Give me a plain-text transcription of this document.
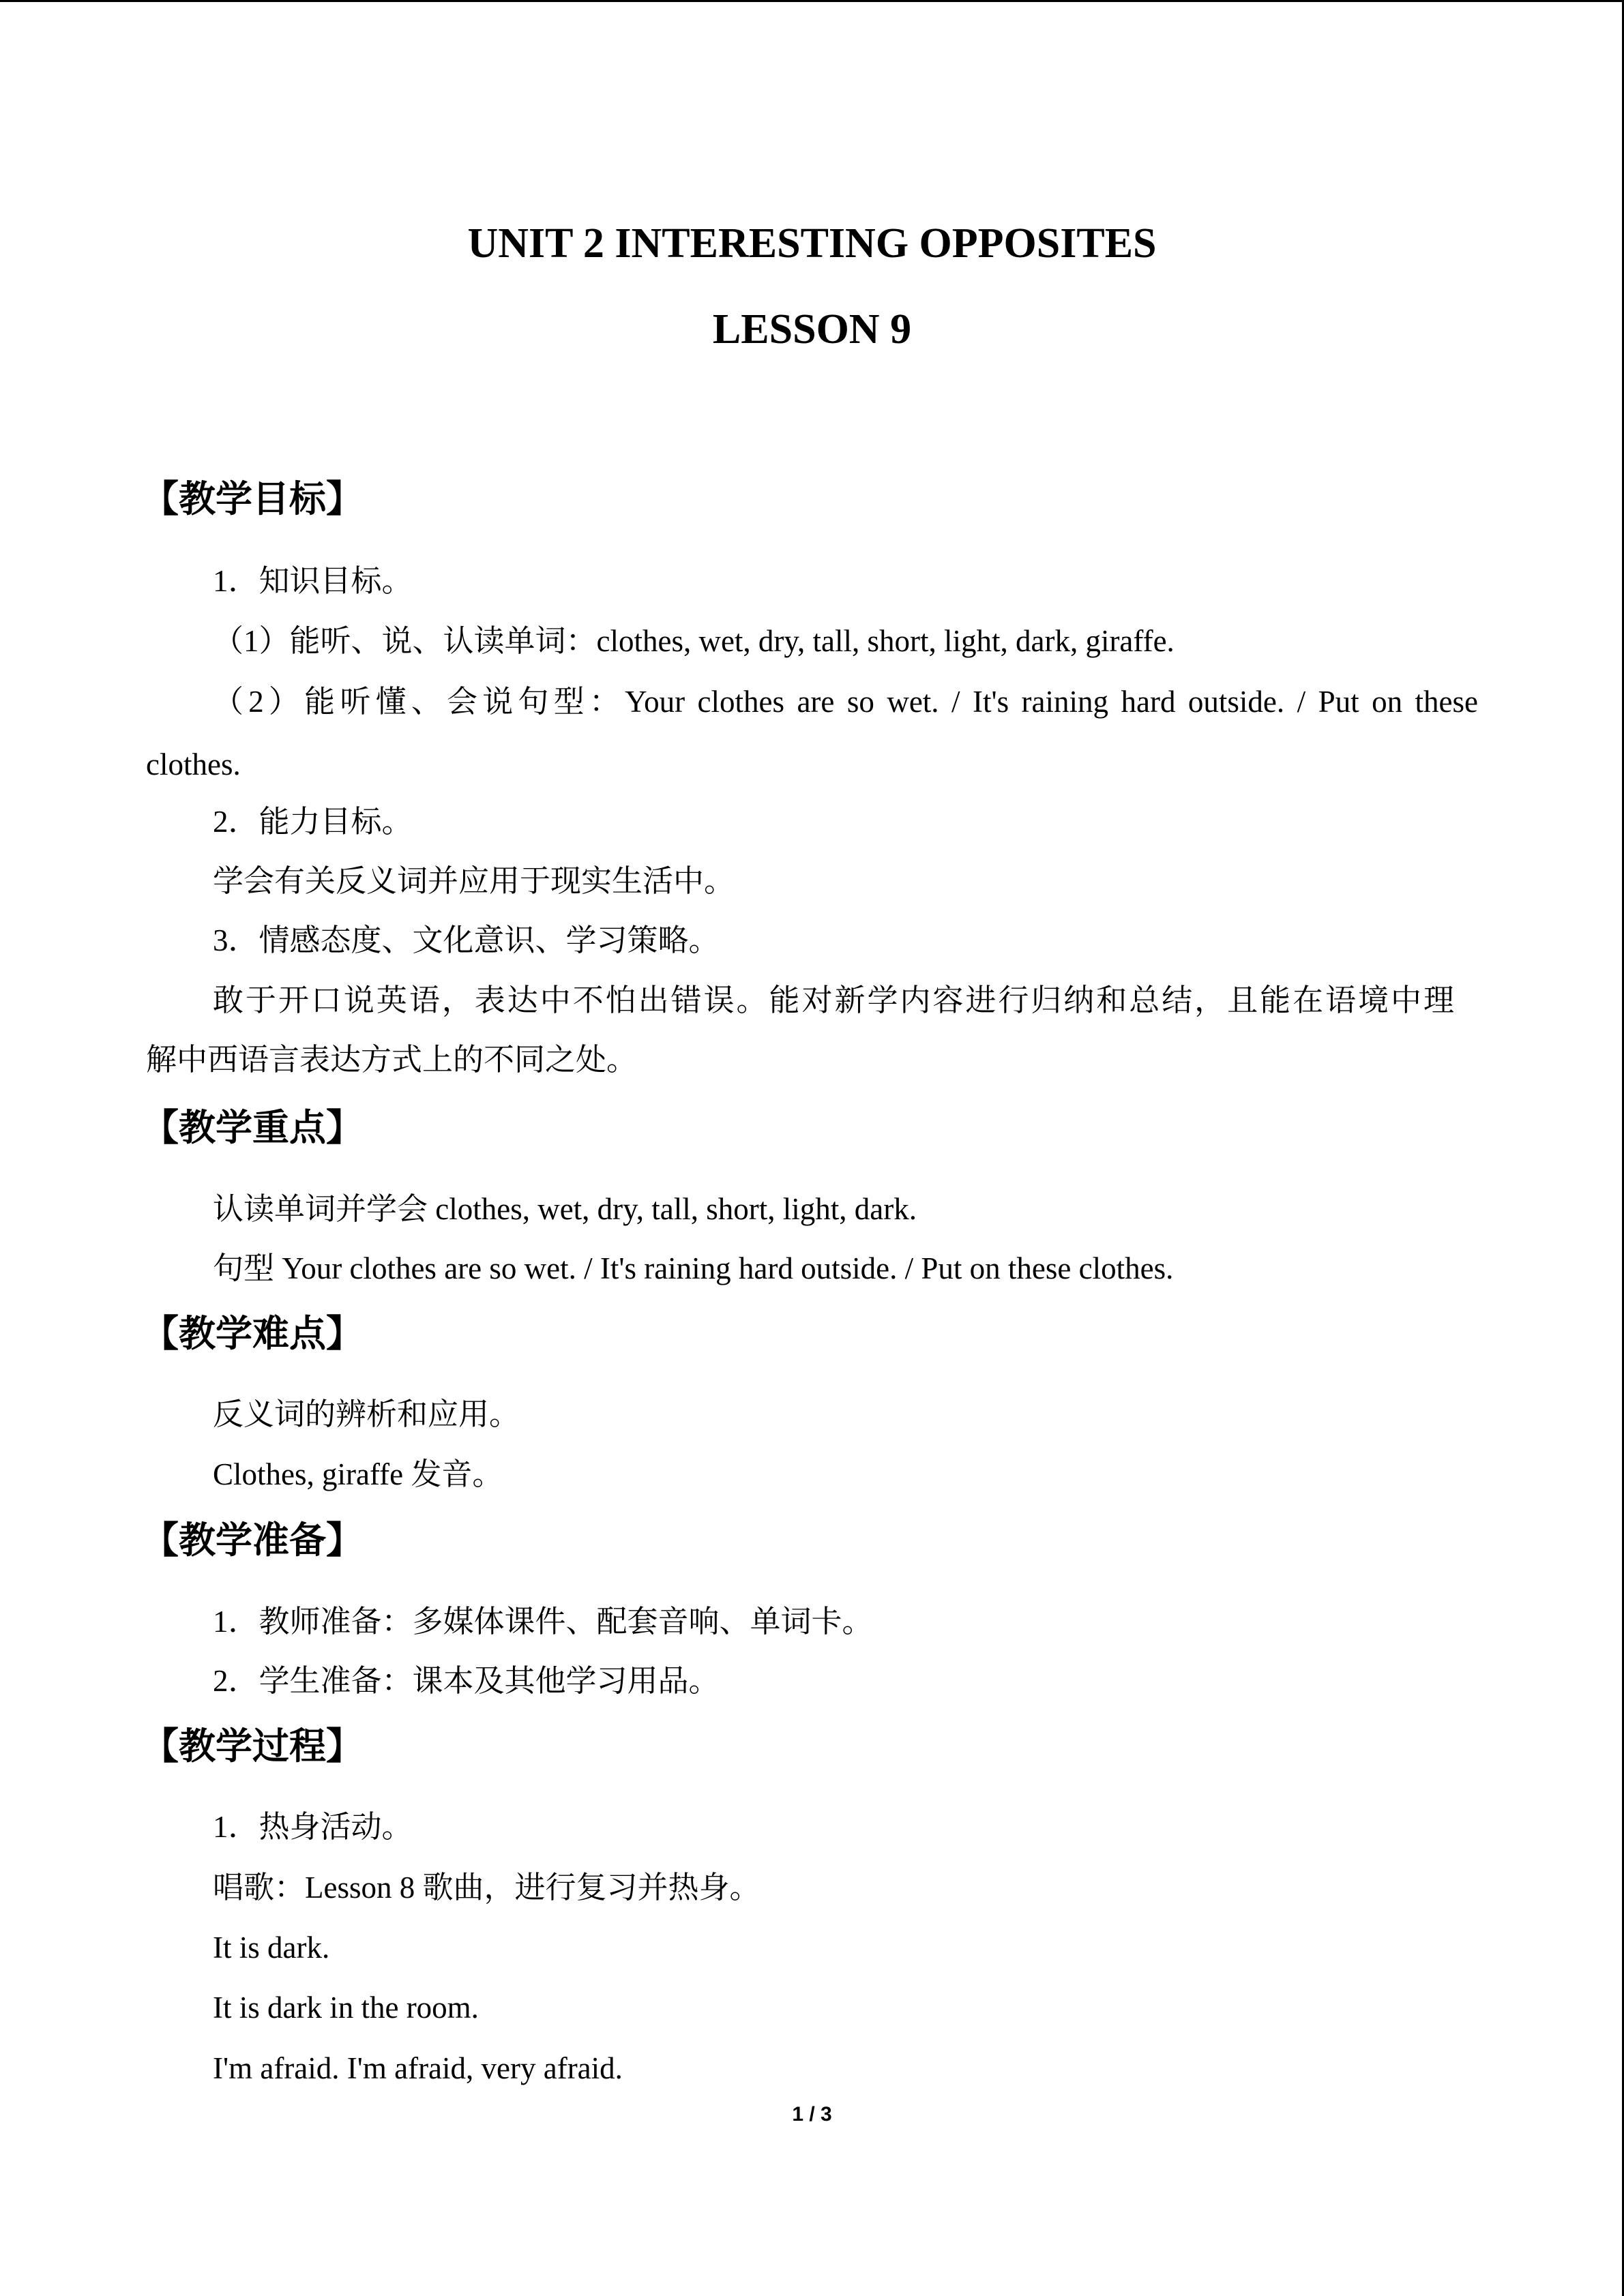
UNIT 2 INTERESTING OPPOSITES
LESSON 9
【教学目标】
1．知识目标。
（1）能听、说、认读单词：clothes, wet, dry, tall, short, light, dark, giraffe.
（2）能听懂、会说句型：Your clothes are so wet. / It's raining hard outside. / Put on these
clothes.
2．能力目标。
学会有关反义词并应用于现实生活中。
3．情感态度、文化意识、学习策略。
敢于开口说英语，表达中不怕出错误。能对新学内容进行归纳和总结，且能在语境中理
解中西语言表达方式上的不同之处。
【教学重点】
认读单词并学会 clothes, wet, dry, tall, short, light, dark.
句型 Your clothes are so wet. / It's raining hard outside. / Put on these clothes.
【教学难点】
反义词的辨析和应用。
Clothes, giraffe 发音。
【教学准备】
1．教师准备：多媒体课件、配套音响、单词卡。
2．学生准备：课本及其他学习用品。
【教学过程】
1．热身活动。
唱歌：Lesson 8 歌曲，进行复习并热身。
It is dark.
It is dark in the room.
I'm afraid. I'm afraid, very afraid.
1 / 3
